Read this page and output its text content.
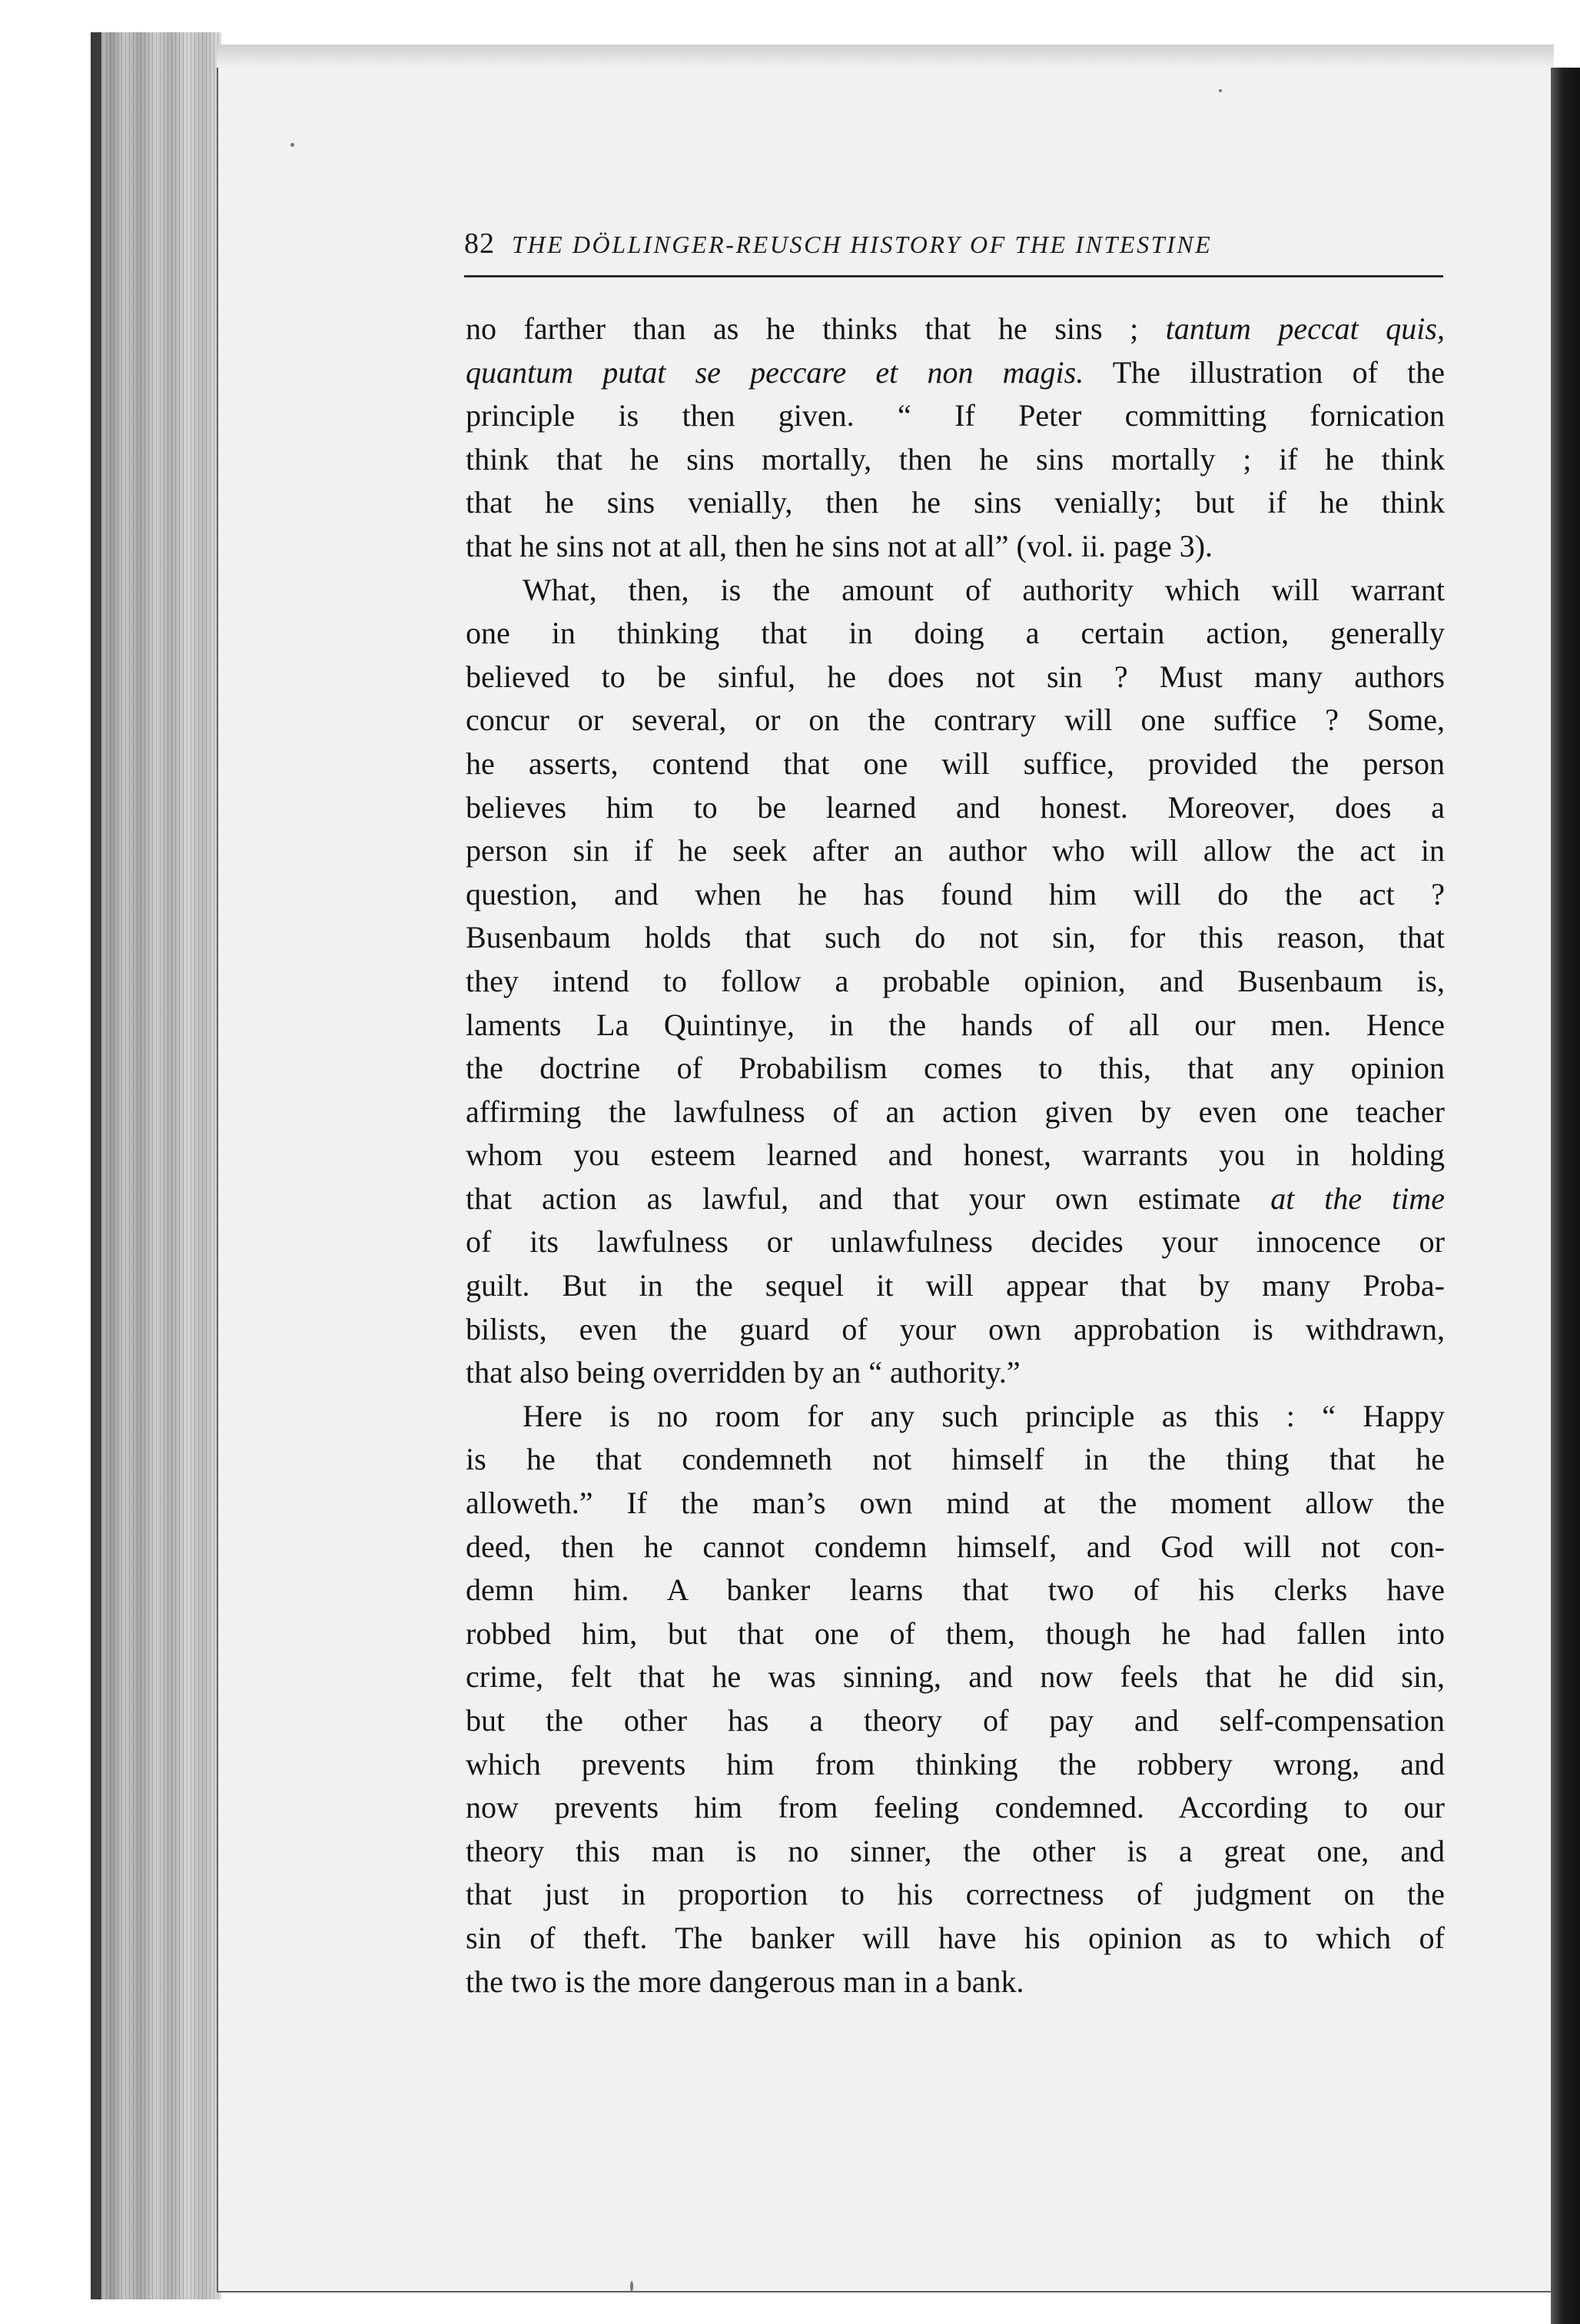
82 THE DÖLLINGER-REUSCH HISTORY OF THE INTESTINE
no farther than as he thinks that he sins ; tantum peccat quis,
quantum putat se peccare et non magis. The illustration of the
principle is then given. “ If Peter committing fornication
think that he sins mortally, then he sins mortally ; if he think
that he sins venially, then he sins venially; but if he think
that he sins not at all, then he sins not at all” (vol. ii. page 3).
What, then, is the amount of authority which will warrant
one in thinking that in doing a certain action, generally
believed to be sinful, he does not sin ? Must many authors
concur or several, or on the contrary will one suffice ? Some,
he asserts, contend that one will suffice, provided the person
believes him to be learned and honest. Moreover, does a
person sin if he seek after an author who will allow the act in
question, and when he has found him will do the act ?
Busenbaum holds that such do not sin, for this reason, that
they intend to follow a probable opinion, and Busenbaum is,
laments La Quintinye, in the hands of all our men. Hence
the doctrine of Probabilism comes to this, that any opinion
affirming the lawfulness of an action given by even one teacher
whom you esteem learned and honest, warrants you in holding
that action as lawful, and that your own estimate at the time
of its lawfulness or unlawfulness decides your innocence or
guilt. But in the sequel it will appear that by many Proba-
bilists, even the guard of your own approbation is withdrawn,
that also being overridden by an “ authority.”
Here is no room for any such principle as this : “ Happy
is he that condemneth not himself in the thing that he
alloweth.” If the man’s own mind at the moment allow the
deed, then he cannot condemn himself, and God will not con-
demn him. A banker learns that two of his clerks have
robbed him, but that one of them, though he had fallen into
crime, felt that he was sinning, and now feels that he did sin,
but the other has a theory of pay and self-compensation
which prevents him from thinking the robbery wrong, and
now prevents him from feeling condemned. According to our
theory this man is no sinner, the other is a great one, and
that just in proportion to his correctness of judgment on the
sin of theft. The banker will have his opinion as to which of
the two is the more dangerous man in a bank.
